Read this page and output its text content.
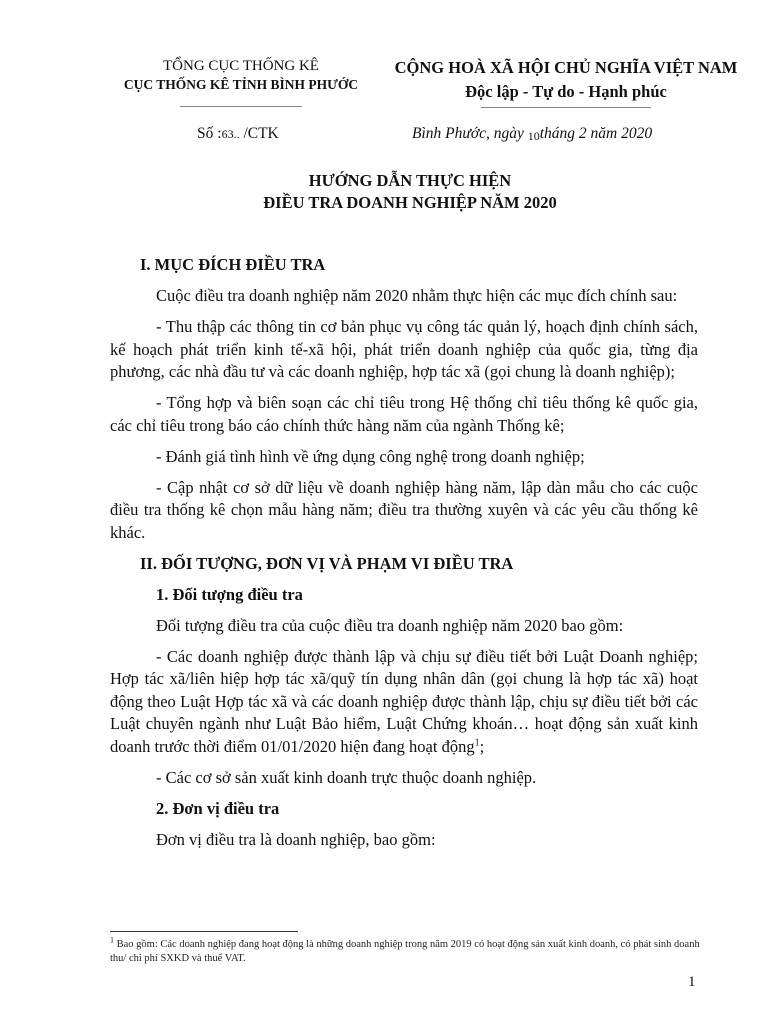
TỔNG CỤC THỐNG KÊ
CỤC THỐNG KÊ TỈNH BÌNH PHƯỚC
CỘNG HOÀ XÃ HỘI CHỦ NGHĨA VIỆT NAM
Độc lập - Tự do - Hạnh phúc
Số :63.. /CTK	Bình Phước, ngày 10tháng 2 năm 2020
HƯỚNG DẪN THỰC HIỆN
ĐIỀU TRA DOANH NGHIỆP NĂM 2020
I. MỤC ĐÍCH ĐIỀU TRA

Cuộc điều tra doanh nghiệp năm 2020 nhằm thực hiện các mục đích chính sau:

- Thu thập các thông tin cơ bản phục vụ công tác quản lý, hoạch định chính sách, kế hoạch phát triển kinh tế-xã hội, phát triển doanh nghiệp của quốc gia, từng địa phương, các nhà đầu tư và các doanh nghiệp, hợp tác xã (gọi chung là doanh nghiệp);

- Tổng hợp và biên soạn các chỉ tiêu trong Hệ thống chỉ tiêu thống kê quốc gia, các chỉ tiêu trong báo cáo chính thức hàng năm của ngành Thống kê;

- Đánh giá tình hình về ứng dụng công nghệ trong doanh nghiệp;

- Cập nhật cơ sở dữ liệu về doanh nghiệp hàng năm, lập dàn mẫu cho các cuộc điều tra thống kê chọn mẫu hàng năm; điều tra thường xuyên và các yêu cầu thống kê khác.

II. ĐỐI TƯỢNG, ĐƠN VỊ VÀ PHẠM VI ĐIỀU TRA
1. Đối tượng điều tra

Đối tượng điều tra của cuộc điều tra doanh nghiệp năm 2020 bao gồm:

- Các doanh nghiệp được thành lập và chịu sự điều tiết bởi Luật Doanh nghiệp; Hợp tác xã/liên hiệp hợp tác xã/quỹ tín dụng nhân dân (gọi chung là hợp tác xã) hoạt động theo Luật Hợp tác xã và các doanh nghiệp được thành lập, chịu sự điều tiết bởi các Luật chuyên ngành như Luật Bảo hiểm, Luật Chứng khoán… hoạt động sản xuất kinh doanh trước thời điểm 01/01/2020 hiện đang hoạt động$^1$;

- Các cơ sở sản xuất kinh doanh trực thuộc doanh nghiệp.

2. Đơn vị điều tra

Đơn vị điều tra là doanh nghiệp, bao gồm:

$^1$ Bao gồm: Các doanh nghiệp đang hoạt động là những doanh nghiệp trong năm 2019 có hoạt động sản xuất kinh doanh, có phát sinh doanh thu/ chi phí SXKD và thuế VAT.
1
